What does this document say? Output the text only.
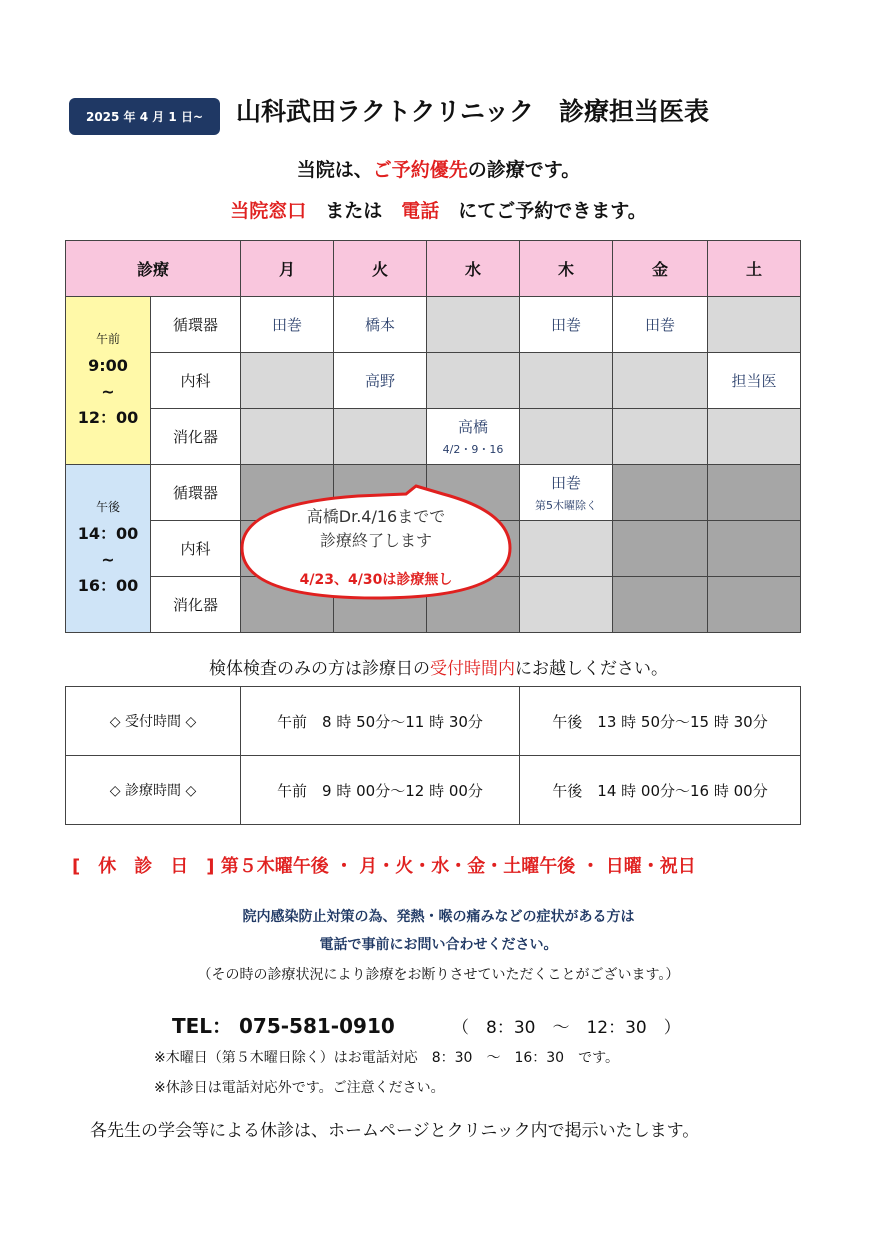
2025 年 4 月 1 日~	山科武田ラクトクリニック　診療担当医表
当院は、ご予約優先の診療です。
当院窓口　または　電話　にてご予約できます。
診療		月	火	水	木	金	土

午前
9:00
~
12：00	循環器	田巻	橋本		田巻	田巻	
	内科		高野				担当医
	消化器			高橋
4/2・9・16			

午後
14：00
~
16：00	循環器				田巻
第5木曜除く		

	内科						
	消化器						
高橋Dr.4/16までで
診療終了します
4/23、4/30は診療無し
検体検査のみの方は診療日の受付時間内にお越しください。
◇ 受付時間 ◇	午前　8 時 50分～11 時 30分	午後　13 時 50分～15 時 30分
◇ 診療時間 ◇	午前　9 時 00分～12 時 00分	午後　14 時 00分～16 時 00分
[　休　診　日　] 第５木曜午後 ・ 月・火・水・金・土曜午後 ・ 日曜・祝日
院内感染防止対策の為、発熱・喉の痛みなどの症状がある方は
電話で事前にお問い合わせください。
（その時の診療状況により診療をお断りさせていただくことがございます。）
TEL： 075-581-0910	（　8：30　～　12：30　）
※木曜日（第５木曜日除く）はお電話対応　8：30　～　16：30　です。
※休診日は電話対応外です。ご注意ください。
各先生の学会等による休診は、ホームページとクリニック内で掲示いたします。
